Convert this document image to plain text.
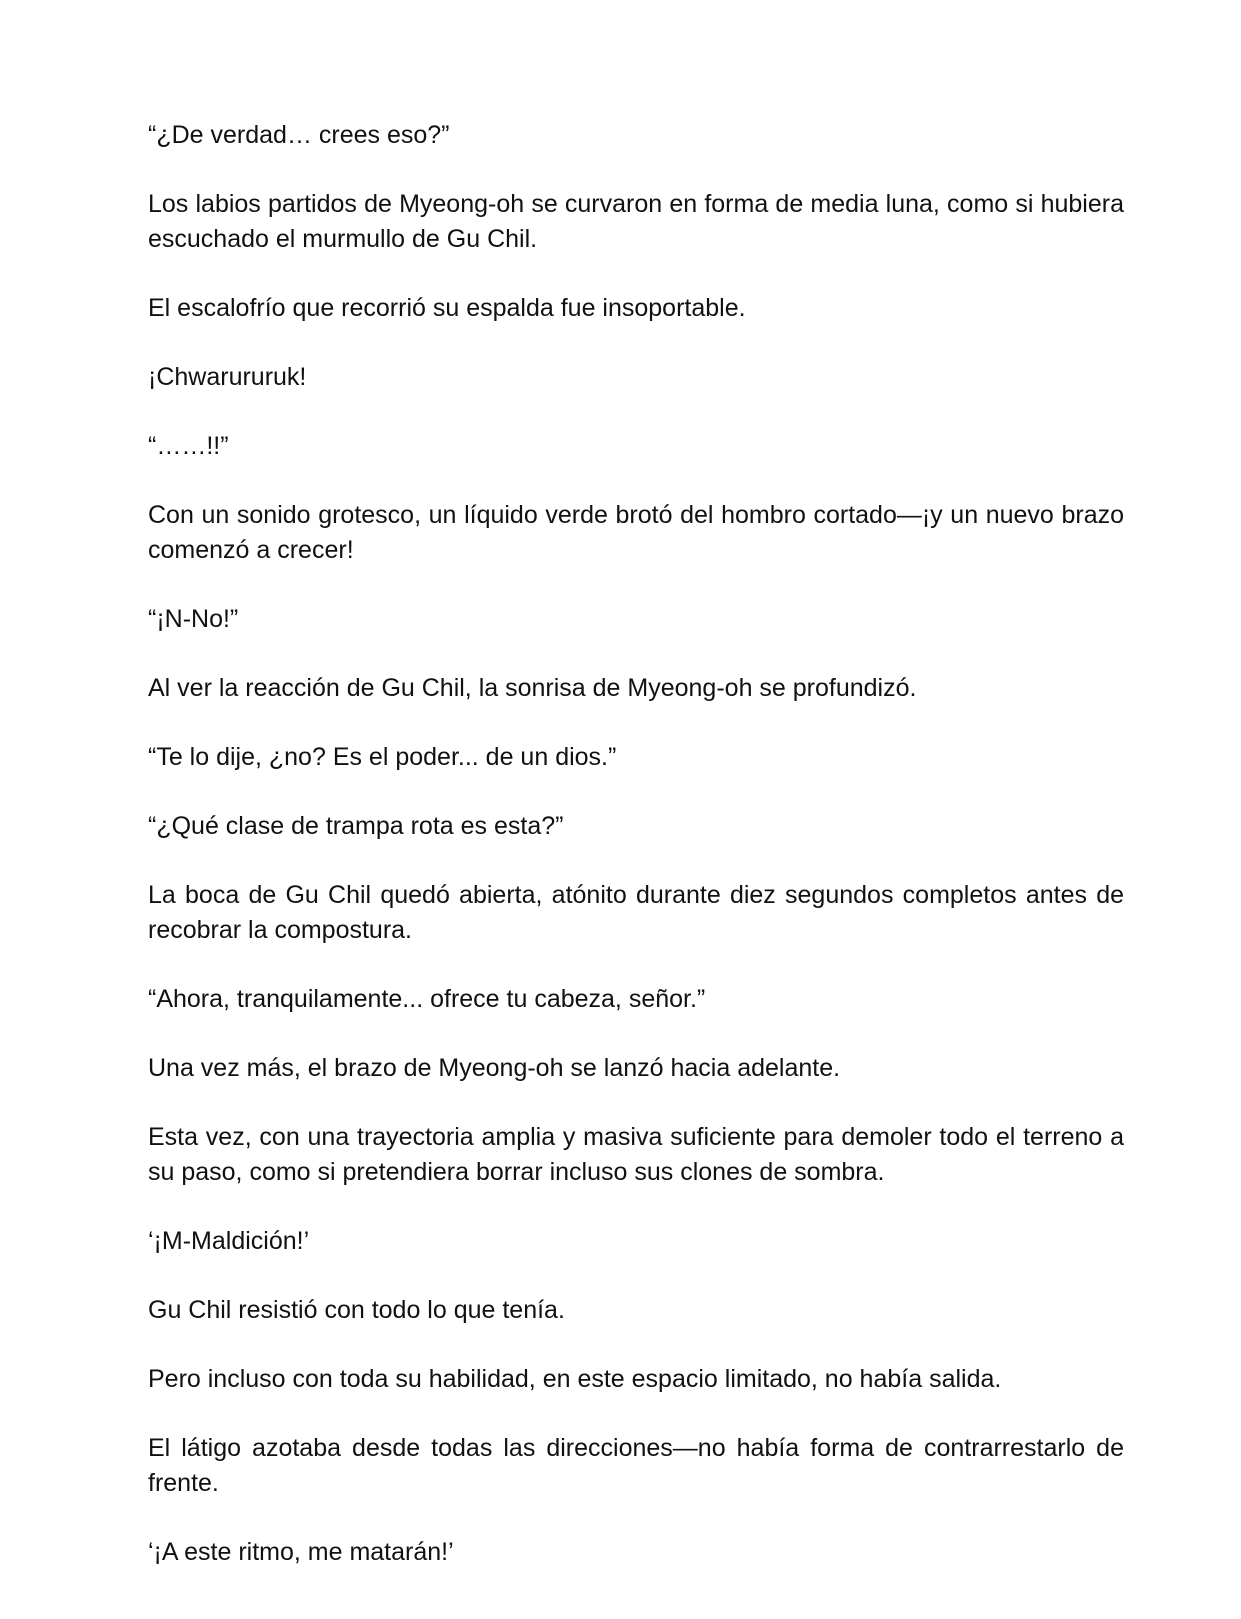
“¿De verdad… crees eso?”

Los labios partidos de Myeong-oh se curvaron en forma de media luna, como si hubiera escuchado el murmullo de Gu Chil.

El escalofrío que recorrió su espalda fue insoportable.

¡Chwarururuk!

“……!!”

Con un sonido grotesco, un líquido verde brotó del hombro cortado—¡y un nuevo brazo comenzó a crecer!

“¡N-No!”

Al ver la reacción de Gu Chil, la sonrisa de Myeong-oh se profundizó.

“Te lo dije, ¿no? Es el poder... de un dios.”

“¿Qué clase de trampa rota es esta?”

La boca de Gu Chil quedó abierta, atónito durante diez segundos completos antes de recobrar la compostura.

“Ahora, tranquilamente... ofrece tu cabeza, señor.”

Una vez más, el brazo de Myeong-oh se lanzó hacia adelante.

Esta vez, con una trayectoria amplia y masiva suficiente para demoler todo el terreno a su paso, como si pretendiera borrar incluso sus clones de sombra.

‘¡M-Maldición!’

Gu Chil resistió con todo lo que tenía.

Pero incluso con toda su habilidad, en este espacio limitado, no había salida.

El látigo azotaba desde todas las direcciones—no había forma de contrarrestarlo de frente.

‘¡A este ritmo, me matarán!’
